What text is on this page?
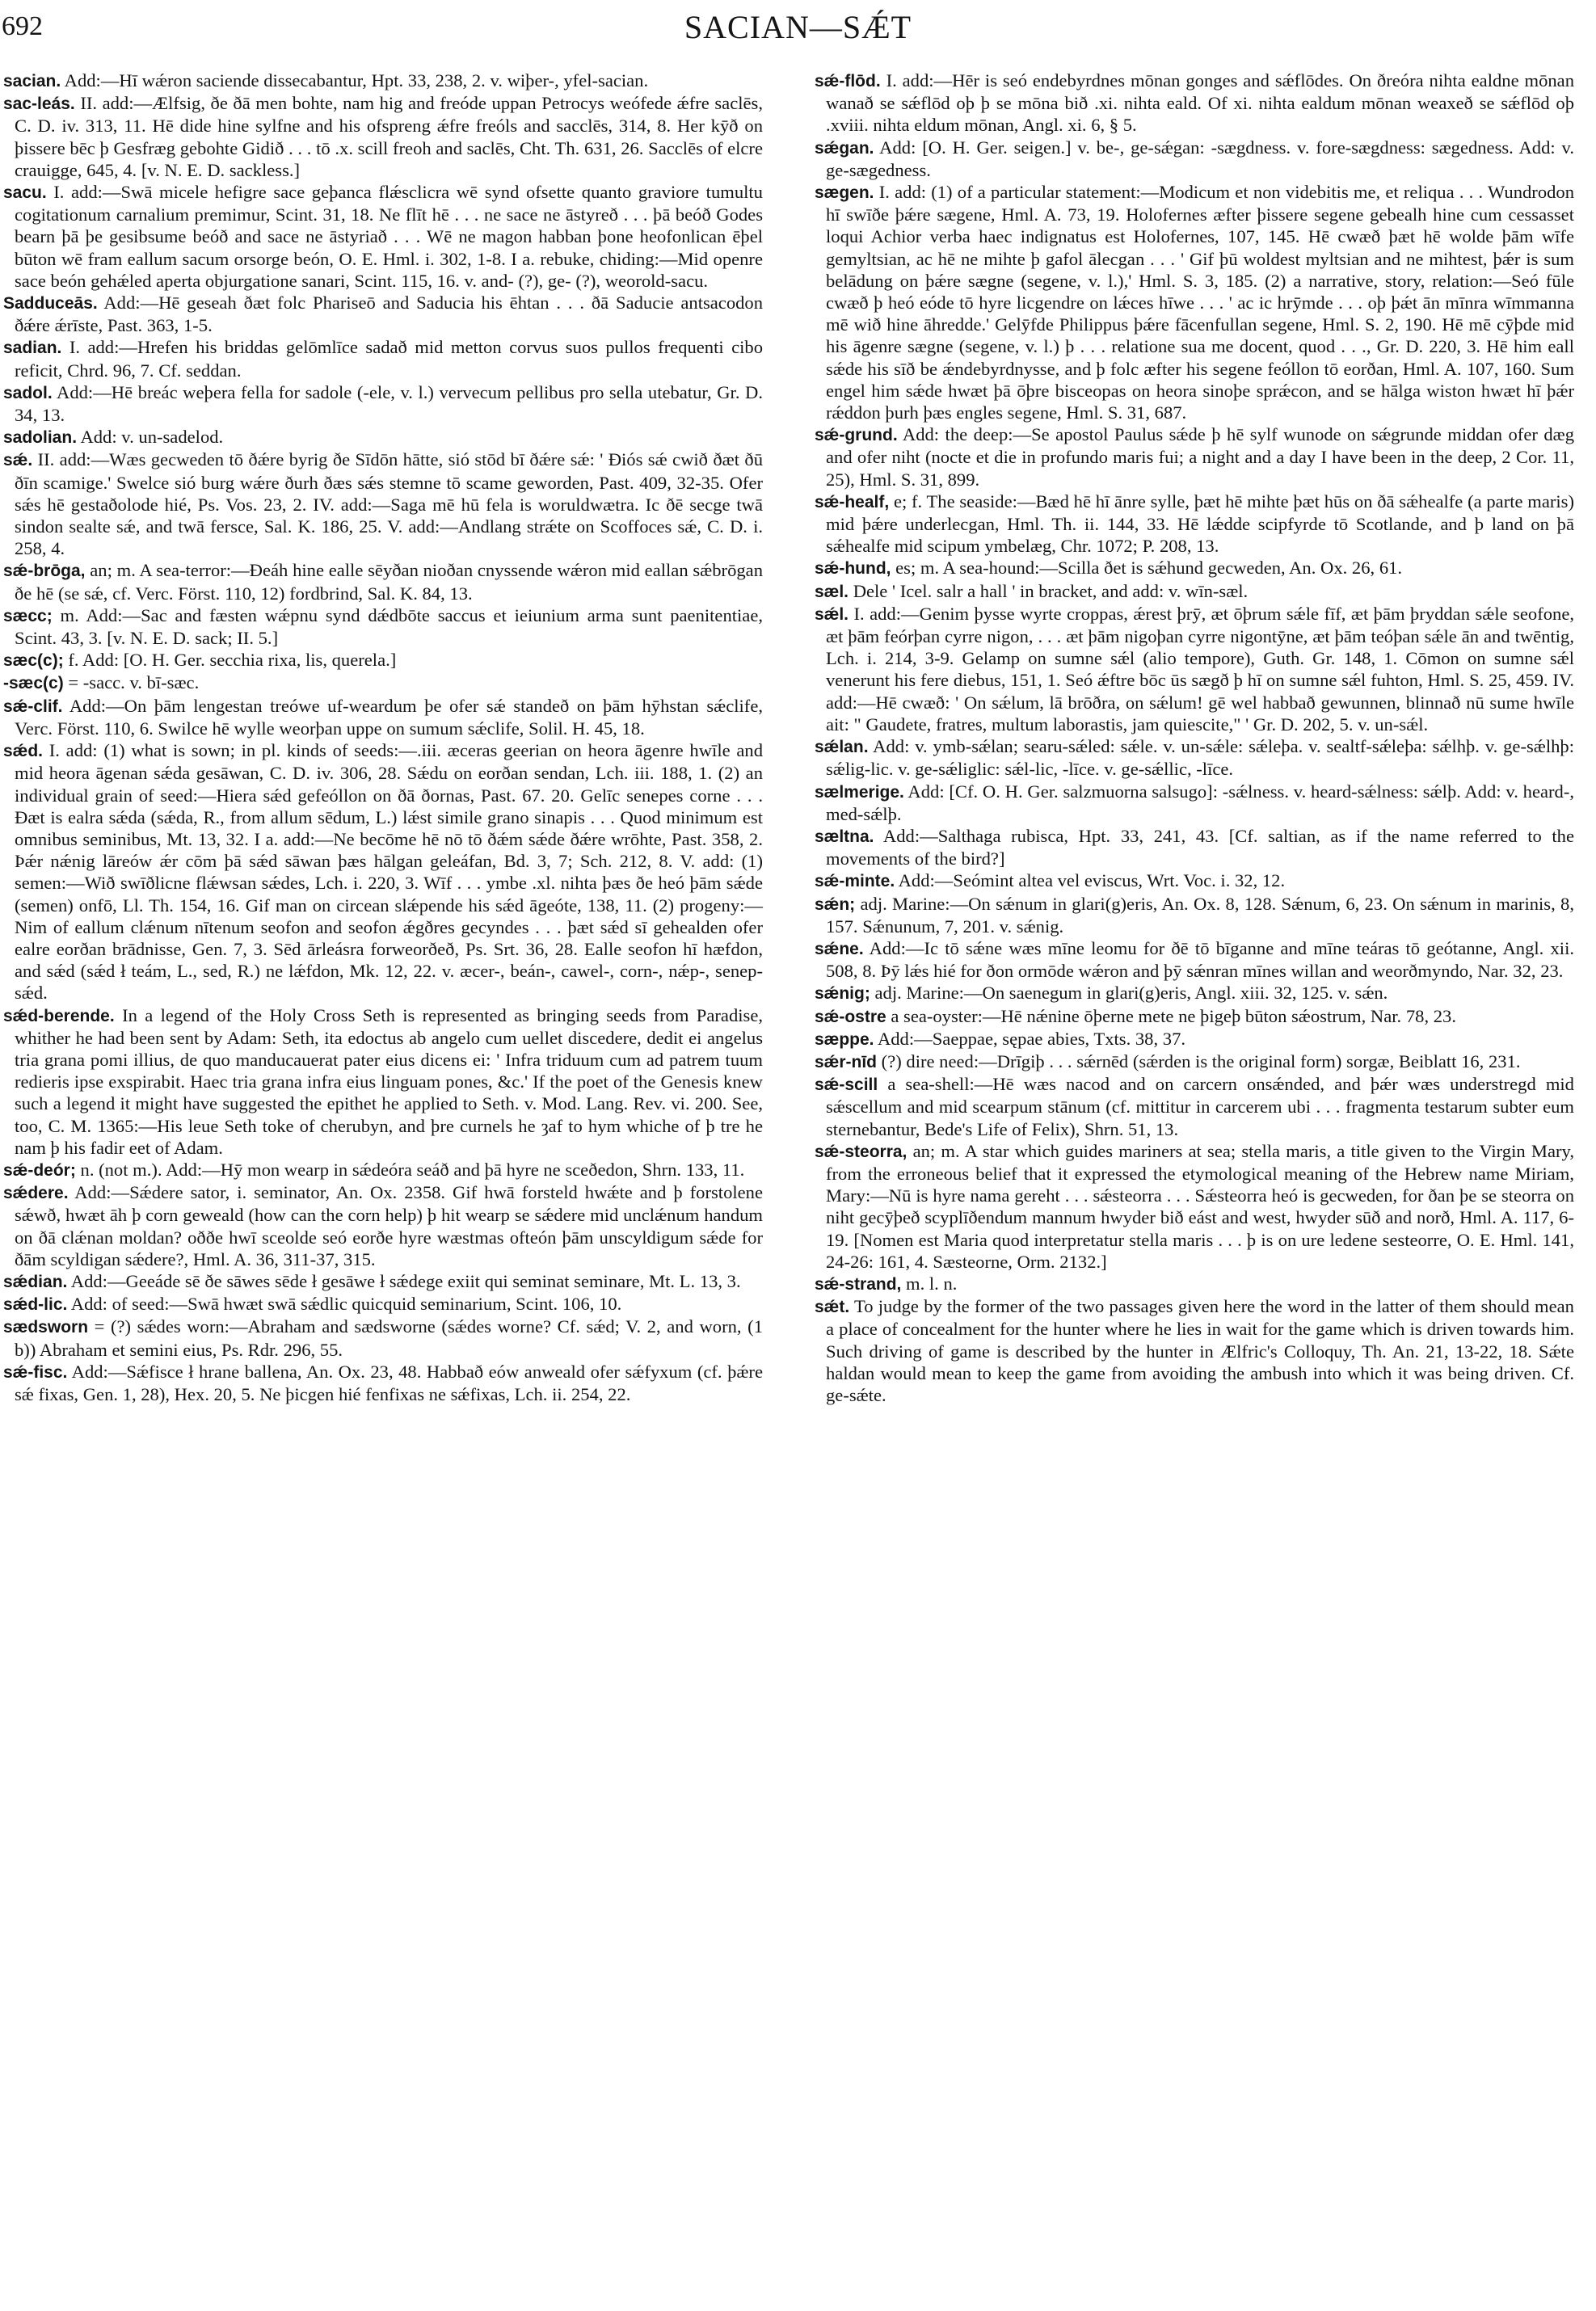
692	SACIAN—SǼT

sacian. Add:—Hī wǽron saciende dissecabantur, Hpt. 33, 238, 2. v. wiþer-, yfel-sacian.

sac-leás. II. add:—Ælfsig, ðe ðā men bohte, nam hig and freóde uppan Petrocys weófede ǽfre saclēs, C. D. iv. 313, 11. Hē dide hine sylfne and his ofspreng ǽfre freóls and sacclēs, 314, 8. Her kȳð on þissere bēc þ Gesfræg gebohte Gidið . . . tō .x. scill freoh and saclēs, Cht. Th. 631, 26. Sacclēs of elcre crauigge, 645, 4. [v. N. E. D. sackless.]

sacu. I. add:—Swā micele hefigre sace geþanca flǽsclicra wē synd ofsette quanto graviore tumultu cogitationum carnalium premimur, Scint. 31, 18. Ne flīt hē . . . ne sace ne āstyreð . . . þā beóð Godes bearn þā þe gesibsume beóð and sace ne āstyriað . . . Wē ne magon habban þone heofonlican ēþel būton wē fram eallum sacum orsorge beón, O. E. Hml. i. 302, 1-8. I a. rebuke, chiding:—Mid openre sace beón gehǽled aperta objurgatione sanari, Scint. 115, 16. v. and- (?), ge- (?), weorold-sacu.

Sadduceās. Add:—Hē geseah ðæt folc Phariseō and Saducia his ēhtan . . . ðā Saducie antsacodon ðǽre ǽrīste, Past. 363, 1-5.

sadian. I. add:—Hrefen his briddas gelōmlīce sadað mid metton corvus suos pullos frequenti cibo reficit, Chrd. 96, 7. Cf. seddan.

sadol. Add:—Hē breác weþera fella for sadole (-ele, v. l.) vervecum pellibus pro sella utebatur, Gr. D. 34, 13.

sadolian. Add: v. un-sadelod.

sǽ. II. add:—Wæs gecweden tō ðǽre byrig ðe Sīdōn hātte, sió stōd bī ðǽre sǽ: ' Ðiós sǽ cwið ðæt ðū ðīn scamige.' Swelce sió burg wǽre ðurh ðæs sǽs stemne tō scame geworden, Past. 409, 32-35. Ofer sǽs hē gestaðolode hié, Ps. Vos. 23, 2. IV. add:—Saga mē hū fela is woruldwætra. Ic ðē secge twā sindon sealte sǽ, and twā fersce, Sal. K. 186, 25. V. add:—Andlang strǽte on Scoffoces sǽ, C. D. i. 258, 4.

sǽ-brōga, an; m. A sea-terror:—Ðeáh hine ealle sēyðan nioðan cnyssende wǽron mid eallan sǽbrōgan ðe hē (se sǽ, cf. Verc. Först. 110, 12) fordbrind, Sal. K. 84, 13.

sæcc; m. Add:—Sac and fæsten wǽpnu synd dǽdbōte saccus et ieiunium arma sunt paenitentiae, Scint. 43, 3. [v. N. E. D. sack; II. 5.]

sæc(c); f. Add: [O. H. Ger. secchia rixa, lis, querela.]

-sæc(c) = -sacc. v. bī-sæc.

sǽ-clif. Add:—On þām lengestan treówe uf-weardum þe ofer sǽ standeð on þām hȳhstan sǽclife, Verc. Först. 110, 6. Swilce hē wylle weorþan uppe on sumum sǽclife, Solil. H. 45, 18.

sǽd. I. add: (1) what is sown; in pl. kinds of seeds:—.iii. æceras geerian on heora āgenre hwīle and mid heora āgenan sǽda gesāwan, C. D. iv. 306, 28. Sǽdu on eorðan sendan, Lch. iii. 188, 1. (2) an individual grain of seed:—Hiera sǽd gefeóllon on ðā ðornas, Past. 67. 20. Gelīc senepes corne . . . Ðæt is ealra sǽda (sǽda, R., from allum sēdum, L.) lǽst simile grano sinapis . . . Quod minimum est omnibus seminibus, Mt. 13, 32. I a. add:—Ne becōme hē nō tō ðǽm sǽde ðǽre wrōhte, Past. 358, 2. Þǽr nǽnig lāreów ǽr cōm þā sǽd sāwan þæs hālgan geleáfan, Bd. 3, 7; Sch. 212, 8. V. add: (1) semen:—Wið swīðlicne flǽwsan sǽdes, Lch. i. 220, 3. Wīf . . . ymbe .xl. nihta þæs ðe heó þām sǽde (semen) onfō, Ll. Th. 154, 16. Gif man on circean slǽpende his sǽd āgeóte, 138, 11. (2) progeny:—Nim of eallum clǽnum nītenum seofon and seofon ǽgðres gecyndes . . . þæt sǽd sī gehealden ofer ealre eorðan brādnisse, Gen. 7, 3. Sēd ārleásra forweorðeð, Ps. Srt. 36, 28. Ealle seofon hī hæfdon, and sǽd (sǽd ł teám, L., sed, R.) ne lǽfdon, Mk. 12, 22. v. æcer-, beán-, cawel-, corn-, nǽp-, senep-sǽd.

sǽd-berende. In a legend of the Holy Cross Seth is represented as bringing seeds from Paradise, whither he had been sent by Adam: Seth, ita edoctus ab angelo cum uellet discedere, dedit ei angelus tria grana pomi illius, de quo manducauerat pater eius dicens ei: ' Infra triduum cum ad patrem tuum redieris ipse exspirabit. Haec tria grana infra eius linguam pones, &c.' If the poet of the Genesis knew such a legend it might have suggested the epithet he applied to Seth. v. Mod. Lang. Rev. vi. 200. See, too, C. M. 1365:—His leue Seth toke of cherubyn, and þre curnels he ȝaf to hym whiche of þ tre he nam þ his fadir eet of Adam.

sǽ-deór; n. (not m.). Add:—Hȳ mon wearp in sǽdeóra seáð and þā hyre ne sceðedon, Shrn. 133, 11.

sǽdere. Add:—Sǽdere sator, i. seminator, An. Ox. 2358. Gif hwā forsteld hwǽte and þ forstolene sǽwð, hwæt āh þ corn geweald (how can the corn help) þ hit wearp se sǽdere mid unclǽnum handum on ðā clǽnan moldan? oððe hwī sceolde seó eorðe hyre wæstmas ofteón þām unscyldigum sǽde for ðām scyldigan sǽdere?, Hml. A. 36, 311-37, 315.

sǽdian. Add:—Geeáde sē ðe sāwes sēde ł gesāwe ł sǽdege exiit qui seminat seminare, Mt. L. 13, 3.

sǽd-lic. Add: of seed:—Swā hwæt swā sǽdlic quicquid seminarium, Scint. 106, 10.

sædsworn = (?) sǽdes worn:—Abraham and sædsworne (sǽdes worne? Cf. sǽd; V. 2, and worn, (1 b)) Abraham et semini eius, Ps. Rdr. 296, 55.

sǽ-fisc. Add:—Sǽfisce ł hrane ballena, An. Ox. 23, 48. Habbað eów anweald ofer sǽfyxum (cf. þǽre sǽ fixas, Gen. 1, 28), Hex. 20, 5. Ne þicgen hié fenfixas ne sǽfixas, Lch. ii. 254, 22.

sǽ-flōd. I. add:—Hēr is seó endebyrdnes mōnan gonges and sǽflōdes. On ðreóra nihta ealdne mōnan wanað se sǽflōd oþ þ se mōna bið .xi. nihta eald. Of xi. nihta ealdum mōnan weaxeð se sǽflōd oþ .xviii. nihta eldum mōnan, Angl. xi. 6, § 5.

sǽgan. Add: [O. H. Ger. seigen.] v. be-, ge-sǽgan: -sægdness. v. fore-sægdness: sægedness. Add: v. ge-sægedness.

sægen. I. add: (1) of a particular statement:—Modicum et non videbitis me, et reliqua . . . Wundrodon hī swīðe þǽre sægene, Hml. A. 73, 19. Holofernes æfter þissere segene gebealh hine cum cessasset loqui Achior verba haec indignatus est Holofernes, 107, 145. Hē cwæð þæt hē wolde þām wīfe gemyltsian, ac hē ne mihte þ gafol ālecgan . . . ' Gif þū woldest myltsian and ne mihtest, þǽr is sum belādung on þǽre sægne (segene, v. l.),' Hml. S. 3, 185. (2) a narrative, story, relation:—Seó fūle cwæð þ heó eóde tō hyre licgendre on lǽces hīwe . . . ' ac ic hrȳmde . . . oþ þǽt ān mīnra wīmmanna mē wið hine āhredde.' Gelȳfde Philippus þǽre fācenfullan segene, Hml. S. 2, 190. Hē mē cȳþde mid his āgenre sægne (segene, v. l.) þ . . . relatione sua me docent, quod . . ., Gr. D. 220, 3. Hē him eall sǽde his sīð be ǽndebyrdnysse, and þ folc æfter his segene feóllon tō eorðan, Hml. A. 107, 160. Sum engel him sǽde hwæt þā ōþre bisceopas on heora sinoþe sprǽcon, and se hālga wiston hwæt hī þǽr rǽddon þurh þæs engles segene, Hml. S. 31, 687.

sǽ-grund. Add: the deep:—Se apostol Paulus sǽde þ hē sylf wunode on sǽgrunde middan ofer dæg and ofer niht (nocte et die in profundo maris fui; a night and a day I have been in the deep, 2 Cor. 11, 25), Hml. S. 31, 899.

sǽ-healf, e; f. The seaside:—Bæd hē hī ānre sylle, þæt hē mihte þæt hūs on ðā sǽhealfe (a parte maris) mid þǽre underlecgan, Hml. Th. ii. 144, 33. Hē lǽdde scipfyrde tō Scotlande, and þ land on þā sǽhealfe mid scipum ymbelæg, Chr. 1072; P. 208, 13.

sǽ-hund, es; m. A sea-hound:—Scilla ðet is sǽhund gecweden, An. Ox. 26, 61.

sæl. Dele ' Icel. salr a hall ' in bracket, and add: v. wīn-sæl.

sǽl. I. add:—Genim þysse wyrte croppas, ǽrest þrȳ, æt ōþrum sǽle fīf, æt þām þryddan sǽle seofone, æt þām feórþan cyrre nigon, . . . æt þām nigoþan cyrre nigontȳne, æt þām teóþan sǽle ān and twēntig, Lch. i. 214, 3-9. Gelamp on sumne sǽl (alio tempore), Guth. Gr. 148, 1. Cōmon on sumne sǽl venerunt his fere diebus, 151, 1. Seó ǽftre bōc ūs sægð þ hī on sumne sǽl fuhton, Hml. S. 25, 459. IV. add:—Hē cwæð: ' On sǽlum, lā brōðra, on sǽlum! gē wel habbað gewunnen, blinnað nū sume hwīle ait: " Gaudete, fratres, multum laborastis, jam quiescite," ' Gr. D. 202, 5. v. un-sǽl.

sǽlan. Add: v. ymb-sǽlan; searu-sǽled: sǽle. v. un-sǽle: sǽleþa. v. sealtf-sǽleþa: sǽlhþ. v. ge-sǽlhþ: sǽlig-lic. v. ge-sǽliglic: sǽl-lic, -līce. v. ge-sǽllic, -līce.

sælmerige. Add: [Cf. O. H. Ger. salzmuorna salsugo]: -sǽlness. v. heard-sǽlness: sǽlþ. Add: v. heard-, med-sǽlþ.

sæltna. Add:—Salthaga rubisca, Hpt. 33, 241, 43. [Cf. saltian, as if the name referred to the movements of the bird?]

sǽ-minte. Add:—Seómint altea vel eviscus, Wrt. Voc. i. 32, 12.

sǽn; adj. Marine:—On sǽnum in glari(g)eris, An. Ox. 8, 128. Sǽnum, 6, 23. On sǽnum in marinis, 8, 157. Sǽnunum, 7, 201. v. sǽnig.

sǽne. Add:—Ic tō sǽne wæs mīne leomu for ðē tō bīganne and mīne teáras tō geótanne, Angl. xii. 508, 8. Þȳ lǽs hié for ðon ormōde wǽron and þȳ sǽnran mīnes willan and weorðmyndo, Nar. 32, 23.

sǽnig; adj. Marine:—On saenegum in glari(g)eris, Angl. xiii. 32, 125. v. sǽn.

sǽ-ostre a sea-oyster:—Hē nǽnine ōþerne mete ne þigeþ būton sǽostrum, Nar. 78, 23.

sæppe. Add:—Saeppae, sępae abies, Txts. 38, 37.

sǽr-nīd (?) dire need:—Drīgiþ . . . sǽrnēd (sǽrden is the original form) sorgæ, Beiblatt 16, 231.

sǽ-scill a sea-shell:—Hē wæs nacod and on carcern onsǽnded, and þǽr wæs understregd mid sǽscellum and mid scearpum stānum (cf. mittitur in carcerem ubi . . . fragmenta testarum subter eum sternebantur, Bede's Life of Felix), Shrn. 51, 13.

sǽ-steorra, an; m. A star which guides mariners at sea; stella maris, a title given to the Virgin Mary, from the erroneous belief that it expressed the etymological meaning of the Hebrew name Miriam, Mary:—Nū is hyre nama gereht . . . sǽsteorra . . . Sǽsteorra heó is gecweden, for ðan þe se steorra on niht gecȳþeð scyplīðendum mannum hwyder bið eást and west, hwyder sūð and norð, Hml. A. 117, 6-19. [Nomen est Maria quod interpretatur stella maris . . . þ is on ure ledene sesteorre, O. E. Hml. 141, 24-26: 161, 4. Sæsteorne, Orm. 2132.]

sǽ-strand, m. l. n.

sǽt. To judge by the former of the two passages given here the word in the latter of them should mean a place of concealment for the hunter where he lies in wait for the game which is driven towards him. Such driving of game is described by the hunter in Ælfric's Colloquy, Th. An. 21, 13-22, 18. Sǽte haldan would mean to keep the game from avoiding the ambush into which it was being driven. Cf. ge-sǽte.
